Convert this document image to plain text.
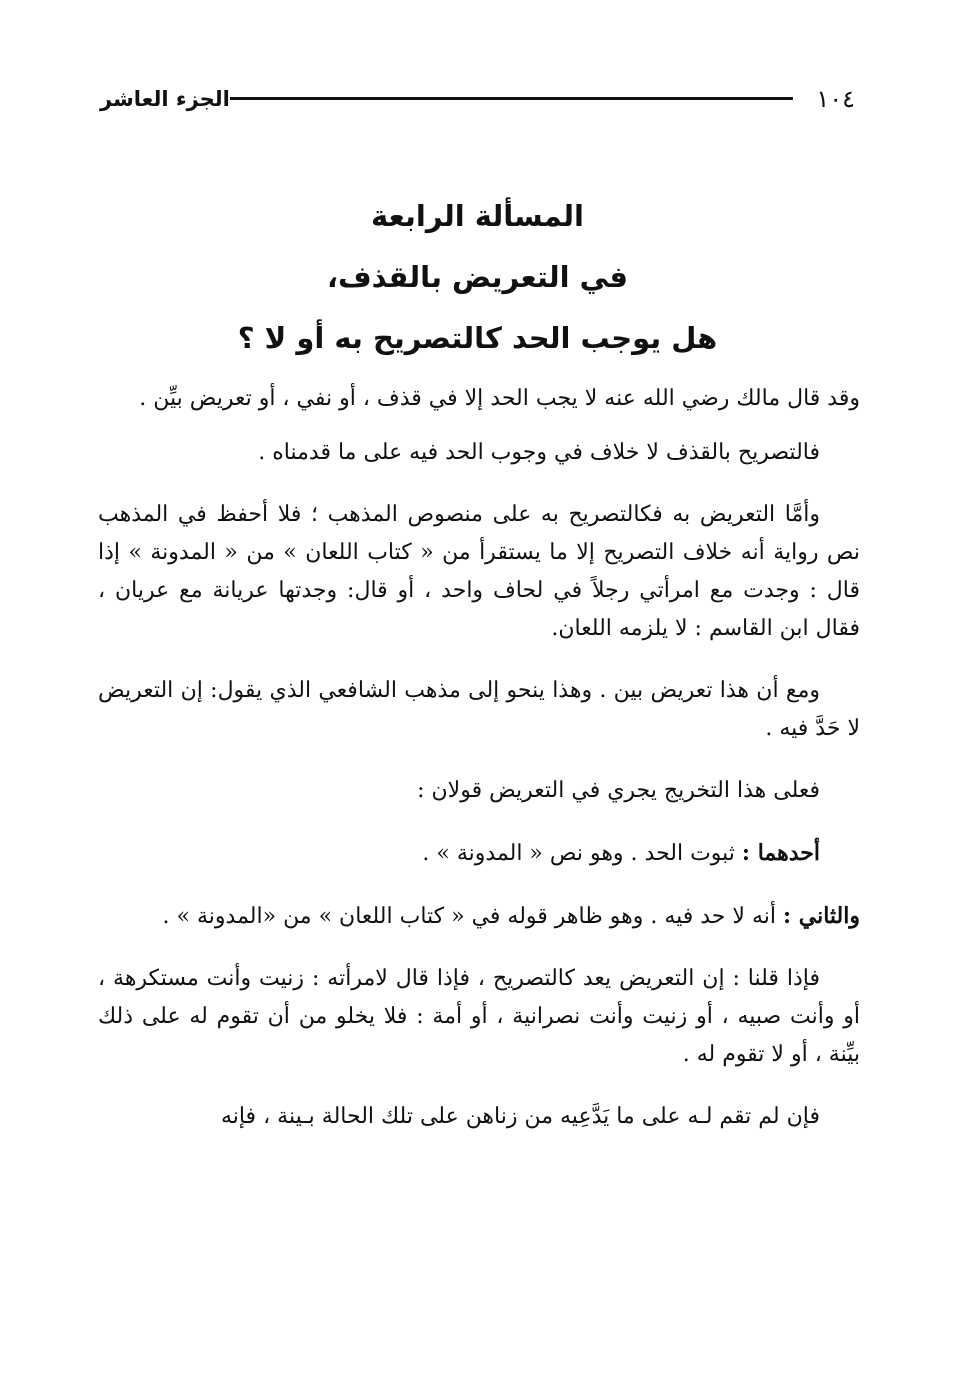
١٠٤
الجزء العاشر
المسألة الرابعة
في التعريض بالقذف،
هل يوجب الحد كالتصريح به أو لا ؟

وقد قال مالك رضي الله عنه لا يجب الحد إلا في قذف ، أو نفي ، أو تعريض بيِّن .

فالتصريح بالقذف لا خلاف في وجوب الحد فيه على ما قدمناه .

وأمَّا التعريض به فكالتصريح به على منصوص المذهب ؛ فلا أحفظ في المذهب نص رواية أنه خلاف التصريح إلا ما يستقرأ من « كتاب اللعان » من « المدونة » إذا قال : وجدت مع امرأتي رجلاً في لحاف واحد ، أو قال: وجدتها عريانة مع عريان ، فقال ابن القاسم : لا يلزمه اللعان.

ومع أن هذا تعريض بين . وهذا ينحو إلى مذهب الشافعي الذي يقول: إن التعريض لا حَدَّ فيه .

فعلى هذا التخريج يجري في التعريض قولان :

أحدهما : ثبوت الحد . وهو نص « المدونة » .

والثاني : أنه لا حد فيه . وهو ظاهر قوله في « كتاب اللعان » من «المدونة » .

فإذا قلنا : إن التعريض يعد كالتصريح ، فإذا قال لامرأته : زنيت وأنت مستكرهة ، أو وأنت صبيه ، أو زنيت وأنت نصرانية ، أو أمة : فلا يخلو من أن تقوم له على ذلك بيِّنة ، أو لا تقوم له .

فإن لم تقم لـه على ما يَدَّعِيه من زناهن على تلك الحالة بـينة ، فإنه
